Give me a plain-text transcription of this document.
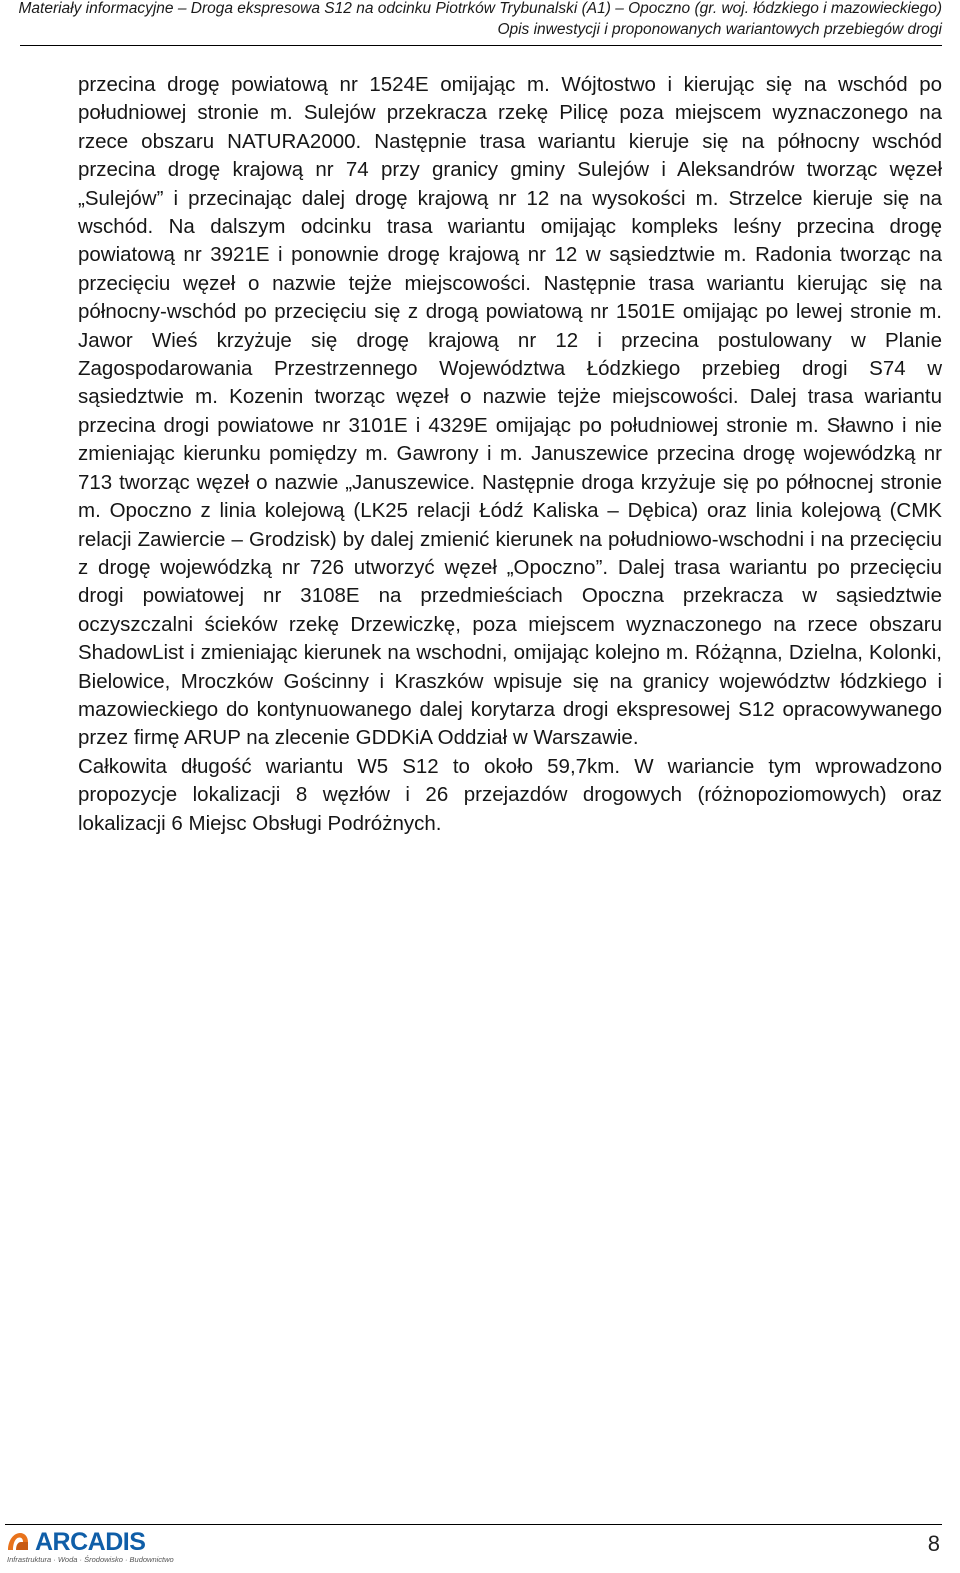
Materiały informacyjne – Droga ekspresowa S12 na odcinku Piotrków Trybunalski (A1) – Opoczno (gr. woj. łódzkiego i mazowieckiego)
Opis inwestycji i proponowanych wariantowych przebiegów drogi

przecina drogę powiatową nr 1524E omijając m. Wójtostwo i kierując się na wschód po południowej stronie m. Sulejów przekracza rzekę Pilicę poza miejscem wyznaczonego na rzece obszaru NATURA2000. Następnie trasa wariantu kieruje się na północny wschód przecina drogę krajową nr 74 przy granicy gminy Sulejów i Aleksandrów tworząc węzeł „Sulejów” i przecinając dalej drogę krajową nr 12 na wysokości m. Strzelce kieruje się na wschód. Na dalszym odcinku trasa wariantu omijając kompleks leśny przecina drogę powiatową nr 3921E i ponownie drogę krajową nr 12 w sąsiedztwie m. Radonia tworząc na przecięciu węzeł o nazwie tejże miejscowości. Następnie trasa wariantu kierując się na północny-wschód po przecięciu się z drogą powiatową nr 1501E omijając po lewej stronie m. Jawor Wieś krzyżuje się drogę krajową nr 12 i przecina postulowany w Planie Zagospodarowania Przestrzennego Województwa Łódzkiego przebieg drogi S74 w sąsiedztwie m. Kozenin tworząc węzeł o nazwie tejże miejscowości. Dalej trasa wariantu przecina drogi powiatowe nr 3101E i 4329E omijając po południowej stronie m. Sławno i nie zmieniając kierunku pomiędzy m. Gawrony i m. Januszewice przecina drogę wojewódzką nr 713 tworząc węzeł o nazwie „Januszewice. Następnie droga krzyżuje się po północnej stronie m. Opoczno z linia kolejową (LK25 relacji Łódź Kaliska – Dębica) oraz linia kolejową (CMK relacji Zawiercie – Grodzisk) by dalej zmienić kierunek na południowo-wschodni i na przecięciu z drogę wojewódzką nr 726 utworzyć węzeł „Opoczno”. Dalej trasa wariantu po przecięciu drogi powiatowej nr 3108E na przedmieściach Opoczna przekracza w sąsiedztwie oczyszczalni ścieków rzekę Drzewiczkę, poza miejscem wyznaczonego na rzece obszaru ShadowList i zmieniając kierunek na wschodni, omijając kolejno m. Różąnna, Dzielna, Kolonki, Bielowice, Mroczków Gościnny i Kraszków wpisuje się na granicy województw łódzkiego i mazowieckiego do kontynuowanego dalej korytarza drogi ekspresowej S12 opracowywanego przez firmę ARUP na zlecenie GDDKiA Oddział w Warszawie.

Całkowita długość wariantu W5 S12 to około 59,7km. W wariancie tym wprowadzono propozycje lokalizacji 8 węzłów i 26 przejazdów drogowych (różnopoziomowych) oraz lokalizacji 6 Miejsc Obsługi Podróżnych.

ARCADIS
Infrastruktura · Woda · Środowisko · Budownictwo
8
